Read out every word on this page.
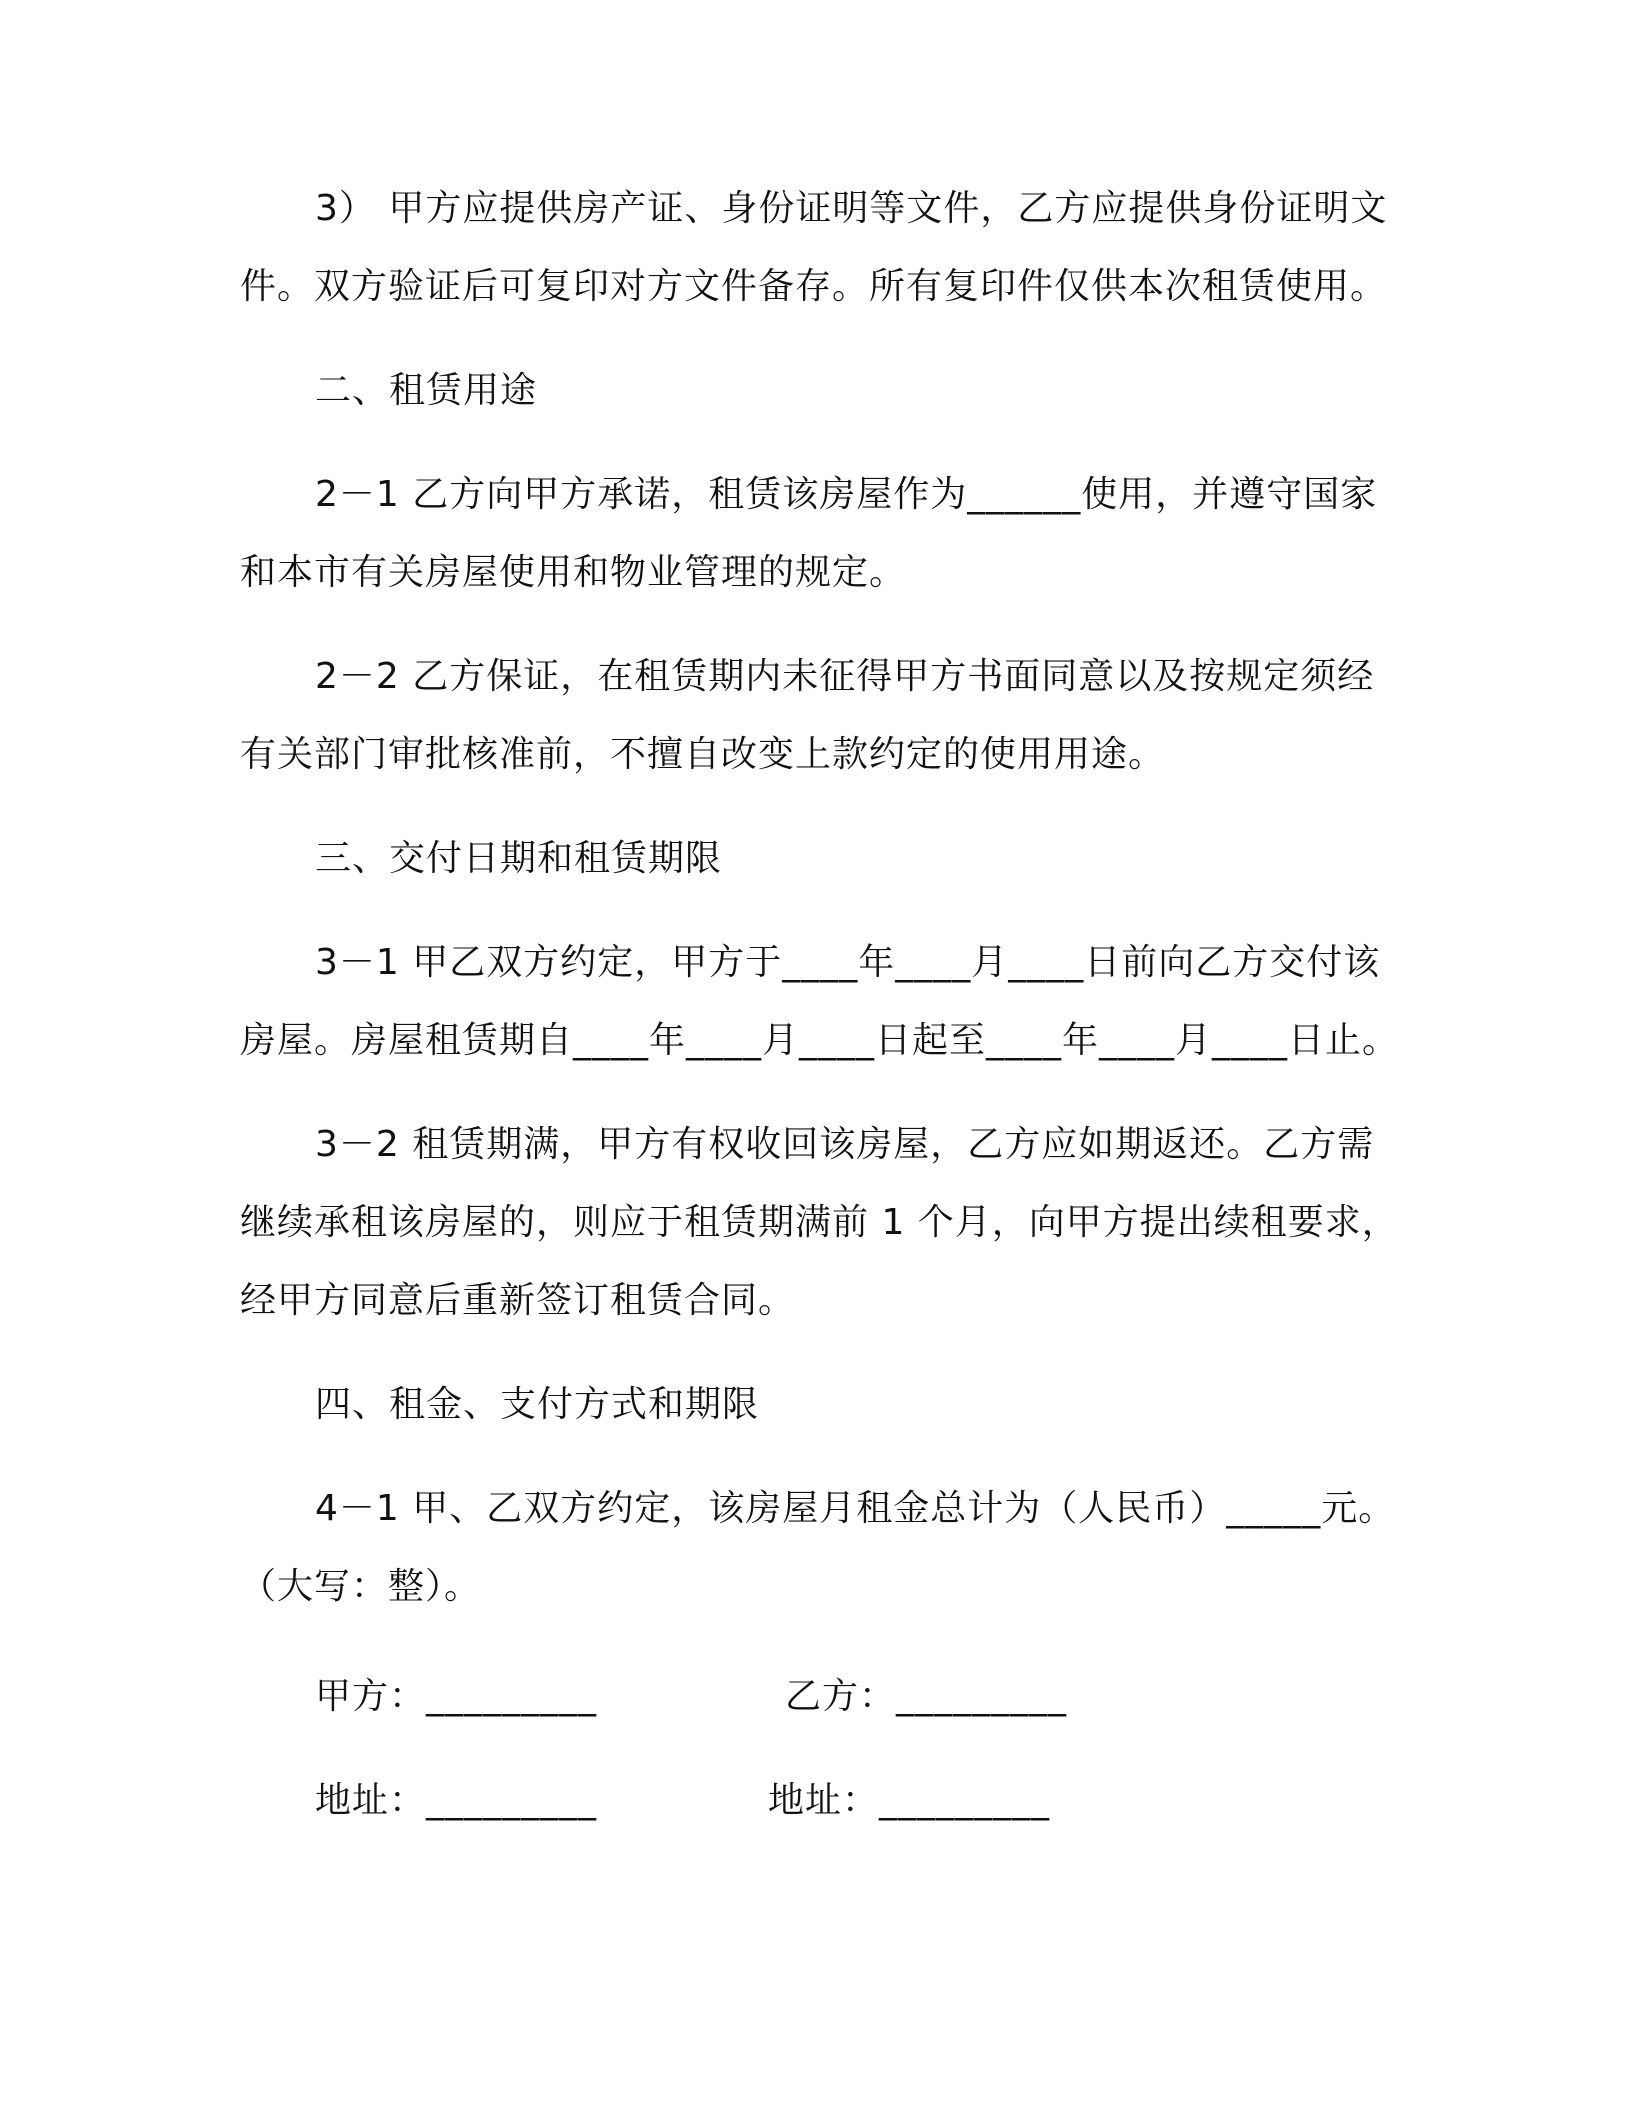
3） 甲方应提供房产证、身份证明等文件，乙方应提供身份证明文
件。双方验证后可复印对方文件备存。所有复印件仅供本次租赁使用。
二、租赁用途
2－1 乙方向甲方承诺，租赁该房屋作为______使用，并遵守国家
和本市有关房屋使用和物业管理的规定。
2－2 乙方保证，在租赁期内未征得甲方书面同意以及按规定须经
有关部门审批核准前，不擅自改变上款约定的使用用途。
三、交付日期和租赁期限
3－1 甲乙双方约定，甲方于____年____月____日前向乙方交付该
房屋。房屋租赁期自____年____月____日起至____年____月____日止。
3－2 租赁期满，甲方有权收回该房屋，乙方应如期返还。乙方需
继续承租该房屋的，则应于租赁期满前 1 个月，向甲方提出续租要求，
经甲方同意后重新签订租赁合同。
四、租金、支付方式和期限
4－1 甲、乙双方约定，该房屋月租金总计为（人民币）_____元。
（大写：整）。
甲方：_________	乙方：_________
地址：_________	地址：_________
